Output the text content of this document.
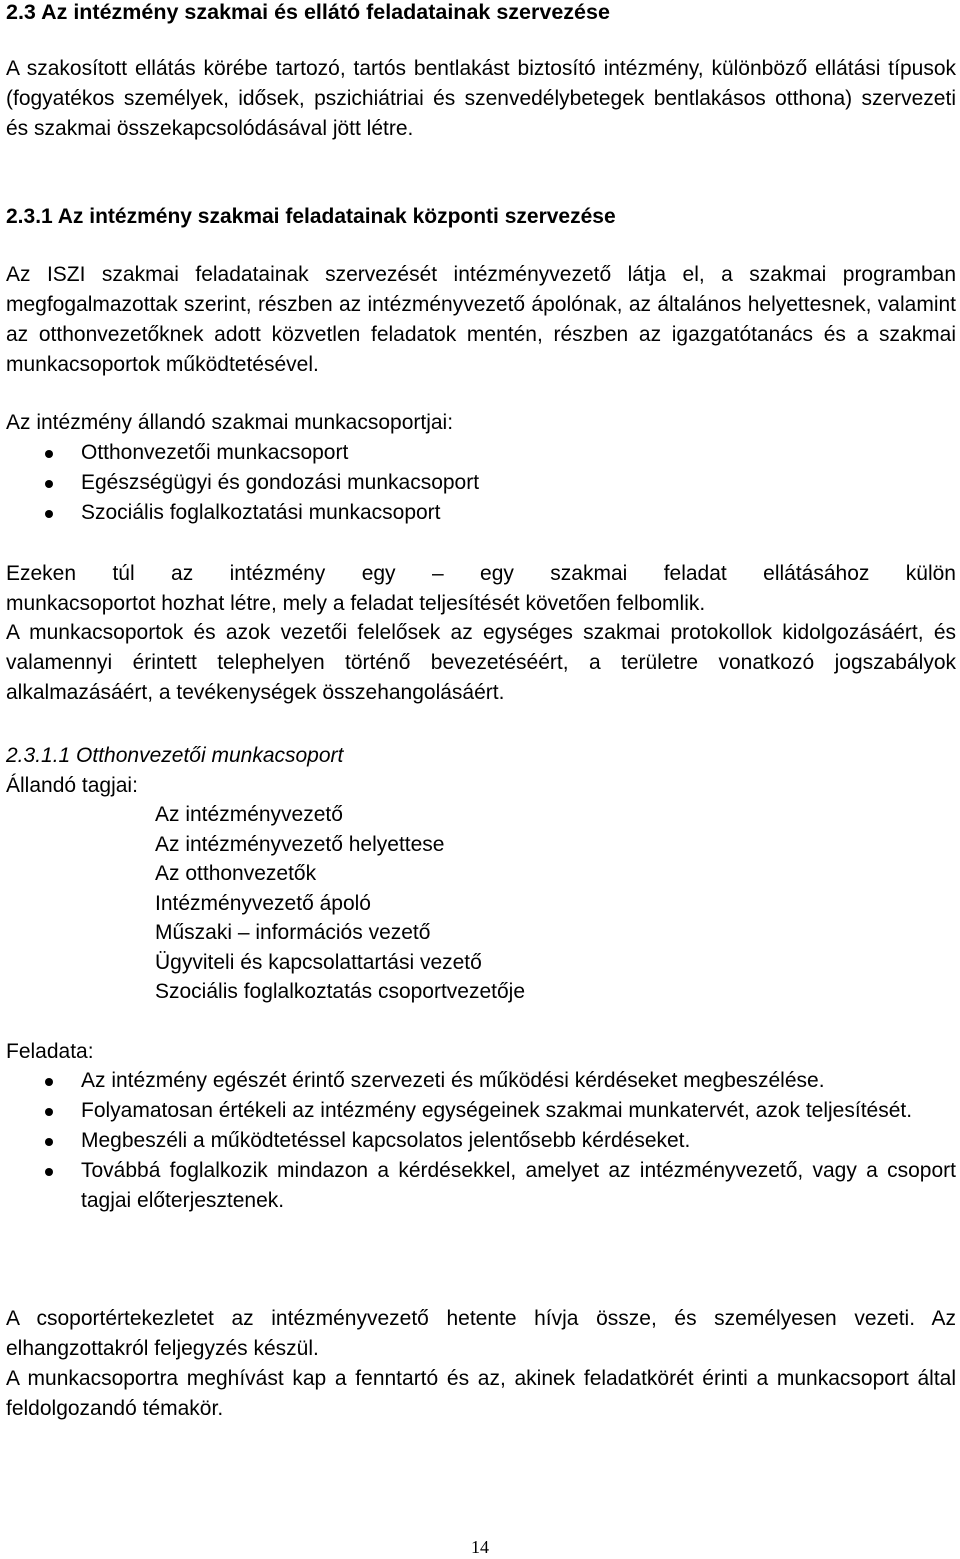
2.3 Az intézmény szakmai és ellátó feladatainak szervezése

A szakosított ellátás körébe tartozó, tartós bentlakást biztosító intézmény, különböző ellátási típusok (fogyatékos személyek, idősek, pszichiátriai és szenvedélybetegek bentlakásos otthona) szervezeti és szakmai összekapcsolódásával jött létre.

2.3.1 Az intézmény szakmai feladatainak központi szervezése

Az ISZI szakmai feladatainak szervezését intézményvezető látja el, a szakmai programban megfogalmazottak szerint, részben az intézményvezető ápolónak, az általános helyettesnek, valamint az otthonvezetőknek adott közvetlen feladatok mentén, részben az igazgatótanács és a szakmai munkacsoportok működtetésével.

Az intézmény állandó szakmai munkacsoportjai:

Otthonvezetői munkacsoport
Egészségügyi és gondozási munkacsoport
Szociális foglalkoztatási munkacsoport

Ezeken túl az intézmény egy – egy szakmai feladat ellátásához külön

munkacsoportot hozhat létre, mely a feladat teljesítését követően felbomlik.

A munkacsoportok és azok vezetői felelősek az egységes szakmai protokollok kidolgozásáért, és valamennyi érintett telephelyen történő bevezetéséért, a területre vonatkozó jogszabályok alkalmazásáért, a tevékenységek összehangolásáért.

2.3.1.1 Otthonvezetői munkacsoport

Állandó tagjai:

Az intézményvezető
Az intézményvezető helyettese
Az otthonvezetők
Intézményvezető ápoló
Műszaki – információs vezető
Ügyviteli és kapcsolattartási vezető
Szociális foglalkoztatás csoportvezetője

Feladata:

Az intézmény egészét érintő szervezeti és működési kérdéseket megbeszélése.
Folyamatosan értékeli az intézmény egységeinek szakmai munkatervét, azok teljesítését.
Megbeszéli a működtetéssel kapcsolatos jelentősebb kérdéseket.
Továbbá foglalkozik mindazon a kérdésekkel, amelyet az intézményvezető, vagy a csoport tagjai előterjesztenek.

A csoportértekezletet az intézményvezető hetente hívja össze, és személyesen vezeti. Az elhangzottakról feljegyzés készül.

A munkacsoportra meghívást kap a fenntartó és az, akinek feladatkörét érinti a munkacsoport által feldolgozandó témakör.

14
